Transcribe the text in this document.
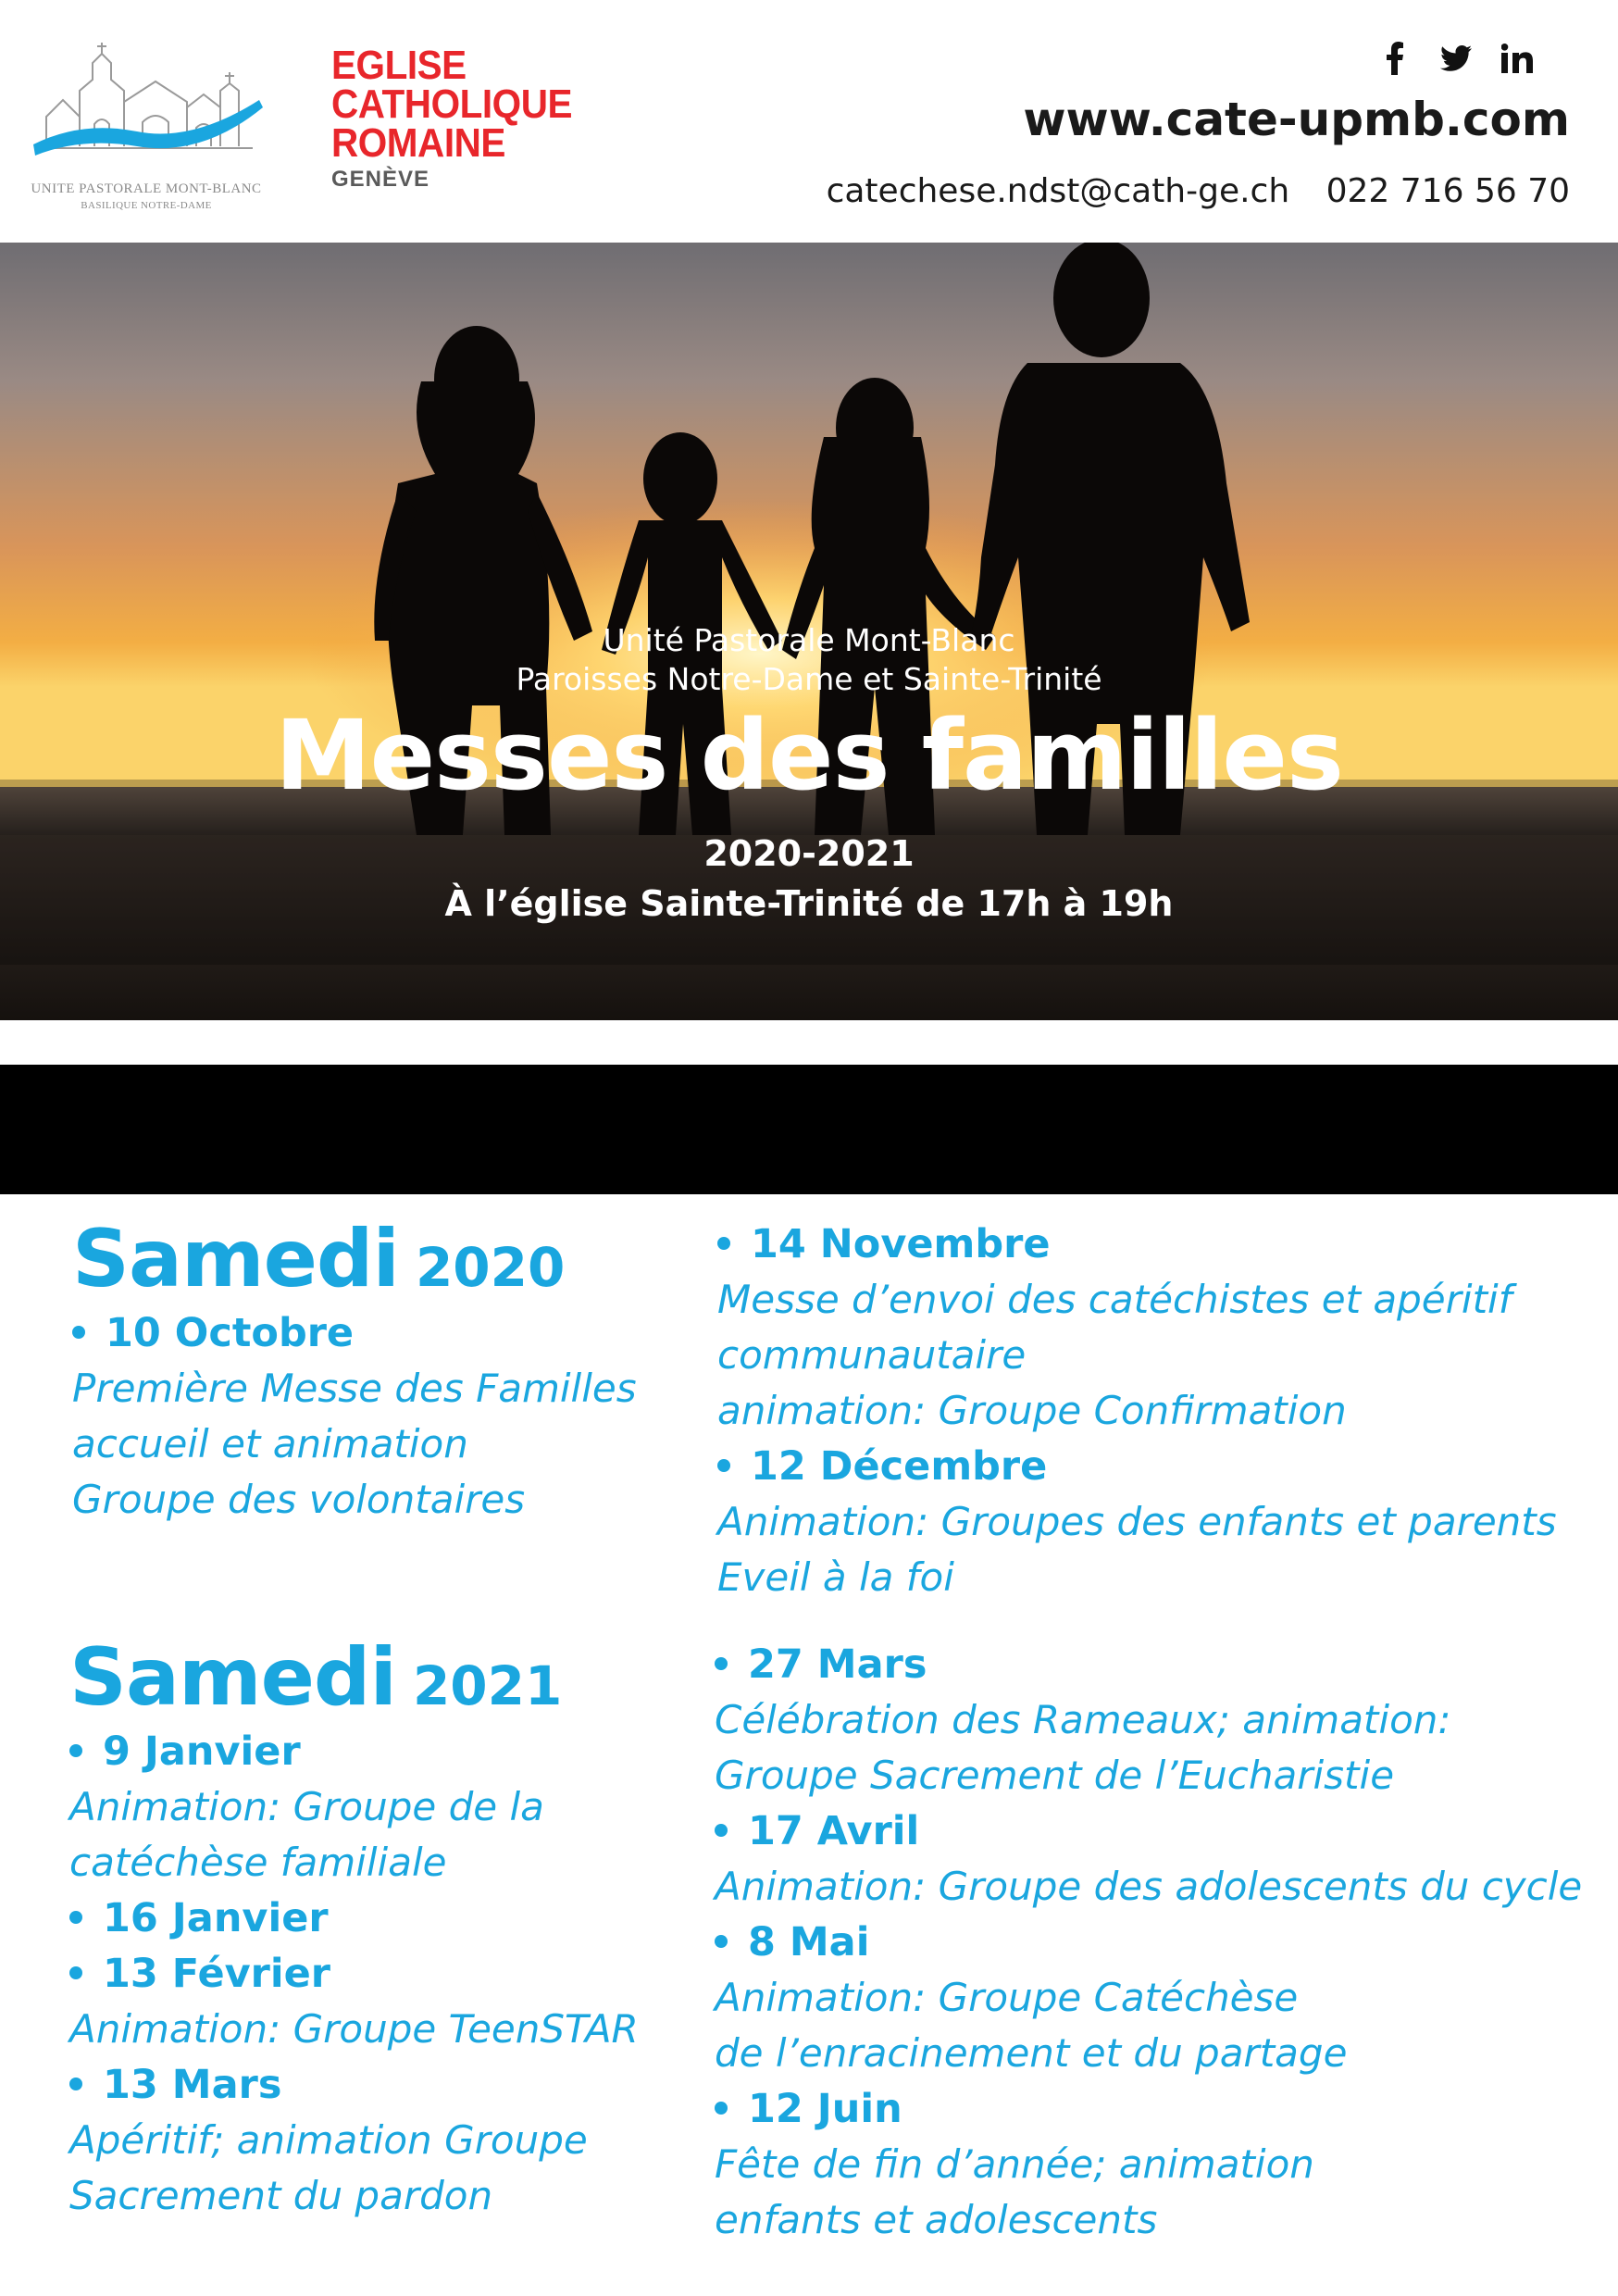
UNITE PASTORALE MONT-BLANC
BASILIQUE NOTRE-DAME
EGLISE
CATHOLIQUE
ROMAINE
GENÈVE
www.cate-upmb.com
catechese.ndst@cath-ge.ch 022 716 56 70
Unité Pastorale Mont-Blanc
Paroisses Notre-Dame et Sainte-Trinité
Messes des familles
2020-2021
À l’église Sainte-Trinité de 17h à 19h
Samedi 2020
10 Octobre
Première Messe des Familles
accueil et animation
Groupe des volontaires
14 Novembre
Messe d’envoi des catéchistes et apéritif
communautaire
animation: Groupe Confirmation
12 Décembre
Animation: Groupes des enfants et parents
Eveil à la foi
Samedi 2021
9 Janvier
Animation: Groupe de la
catéchèse familiale
16 Janvier
13 Février
Animation: Groupe TeenSTAR
13 Mars
Apéritif; animation Groupe
Sacrement du pardon
27 Mars
Célébration des Rameaux; animation:
Groupe Sacrement de l’Eucharistie
17 Avril
Animation: Groupe des adolescents du cycle
8 Mai
Animation: Groupe Catéchèse
de l’enracinement et du partage
12 Juin
Fête de fin d’année; animation
enfants et adolescents
